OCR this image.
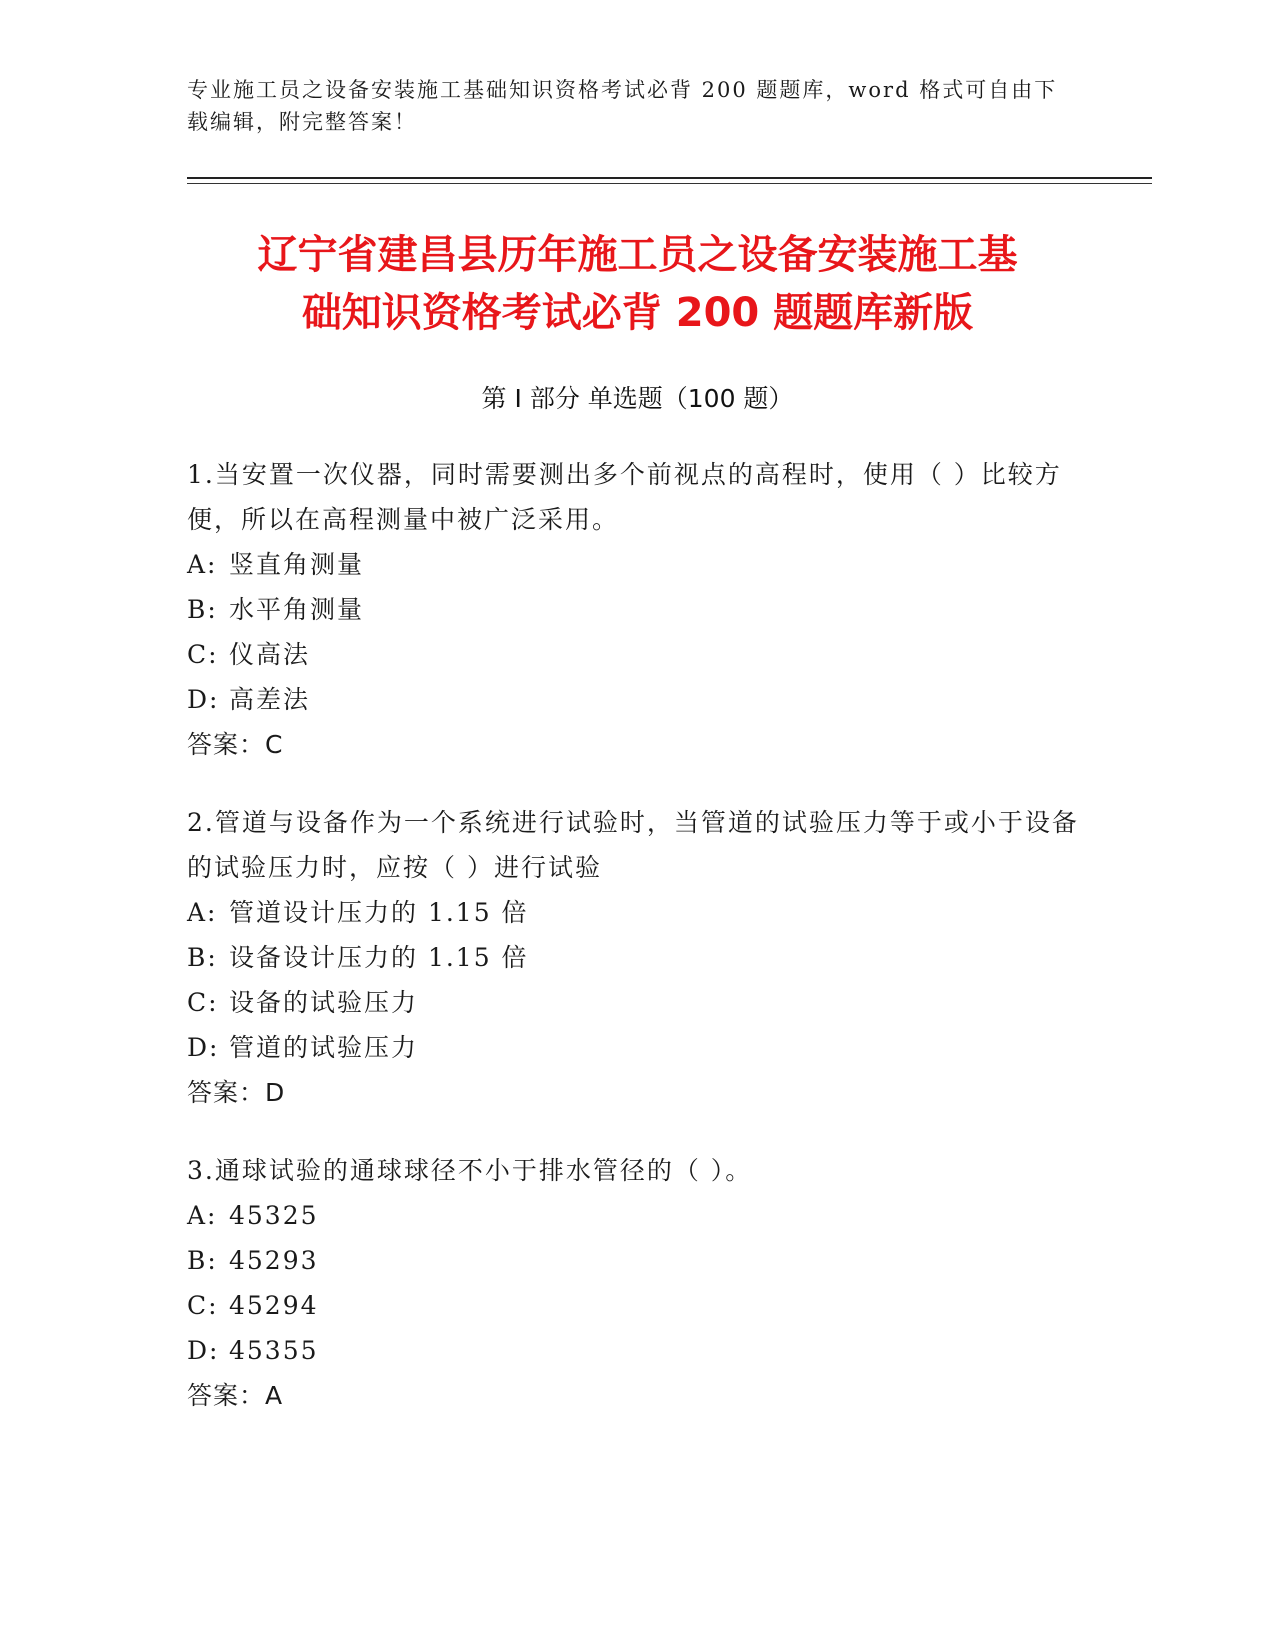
专业施工员之设备安装施工基础知识资格考试必背 200 题题库，word 格式可自由下载编辑，附完整答案！
辽宁省建昌县历年施工员之设备安装施工基
础知识资格考试必背 200 题题库新版
第 I 部分 单选题（100 题）
1.当安置一次仪器，同时需要测出多个前视点的高程时，使用（ ）比较方便，所以在高程测量中被广泛采用。
A: 竖直角测量
B: 水平角测量
C: 仪高法
D: 高差法
答案：C
2.管道与设备作为一个系统进行试验时，当管道的试验压力等于或小于设备的试验压力时，应按（ ）进行试验
A: 管道设计压力的 1.15 倍
B: 设备设计压力的 1.15 倍
C: 设备的试验压力
D: 管道的试验压力
答案：D
3.通球试验的通球球径不小于排水管径的（ ）。
A: 45325
B: 45293
C: 45294
D: 45355
答案：A
